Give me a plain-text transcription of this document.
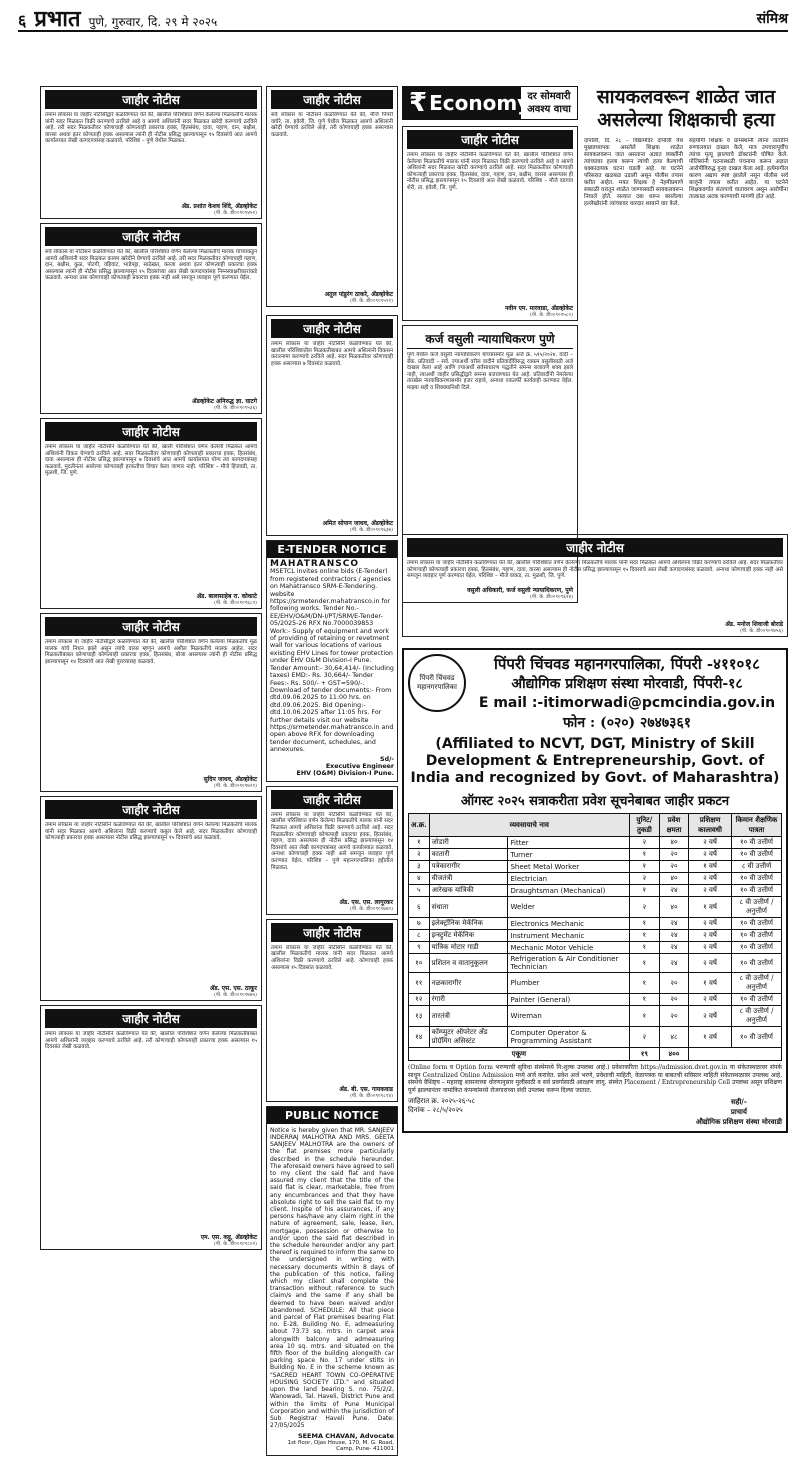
६ प्रभात पुणे, गुरुवार, दि. २९ मे २०२५	संमिश्र
जाहीर नोटीस
तमाम लोकांस या जाहीर नोटीसीद्वारे कळविण्यात येते की, खालील परिशिष्टात वर्णन केलेल्या मिळकतीचे मालक यांनी सदर मिळकत विक्री करण्याचे ठरविले आहे व आमचे अशिलांनी सदर मिळकत खरेदी करण्याचे ठरविले आहे. तरी सदर मिळकतीवर कोणाचाही कोणत्याही प्रकारचा हक्क, हितसंबंध, दावा, गहाण, दान, बक्षीस, वारसा अथवा इतर कोणताही हक्क असल्यास त्यांनी ही नोटीस प्रसिद्ध झाल्यापासून १५ दिवसांचे आत आमचे कार्यालयात लेखी कागदपत्रांसह कळवावे. परिशिष्ट – पुणे येथील मिळकत.
ॲड. प्रशांत केशव शिंदे, ॲडव्होकेट
(पी. के. डी००९०९४५१)
जाहीर नोटीस
सर्व लोकांस या नोटीसने कळविण्यात येते की, खालील परिशिष्टात वर्णन केलेल्या मिळकतीचे मालक यांच्याकडून आमचे अशिलांनी सदर मिळकत कायम खरेदीने घेण्याचे ठरविले आहे. तरी सदर मिळकतीवर कोणाचाही गहाण, दान, बक्षीस, कुळ, पोटगी, वहिवाट, भाडेपट्टा, साठेखत, कब्जा अथवा इतर कोणत्याही प्रकारचा हक्क असल्यास त्यांनी ही नोटीस प्रसिद्ध झाल्यापासून १५ दिवसांच्या आत लेखी कागदपत्रांसह निम्नस्वाक्षरीकारांकडे कळवावे. अन्यथा तसा कोणाचाही कोणत्याही प्रकारचा हक्क नाही असे समजून व्यवहार पूर्ण करण्यात येईल.
ॲडव्होकेट अनिरुद्ध ज्ञा. घाटगे
(पी. के. डी००९०९५३६)
जाहीर नोटीस
तमाम लोकांस या जाहीर नोटीसीने कळविण्यात येते की, खाली परिशिष्टात वर्णन केलेली मिळकत आमचे अशिलांनी विकत घेण्याचे ठरविले आहे. सदर मिळकतीवर कोणाचाही कोणत्याही प्रकारचा हक्क, हितसंबंध, दावा असल्यास ही नोटीस प्रसिद्ध झाल्यापासून ७ दिवसांचे आत आमचे कार्यालयात योग्य त्या कागदपत्रांसह कळवावे. मुदतीनंतर आलेल्या कोणत्याही हरकतीचा विचार केला जाणार नाही. परिशिष्ट – मौजे हिंजवडी, ता. मुळशी, जि. पुणे.
ॲड. बालासाहेब रा. कोकाटे
(पी. के. डी००९०९६८२)
जाहीर नोटीस
तमाम लोकांस या जाहीर नोटीसीद्वारे कळविण्यात येते की, खालील परिशिष्टात वर्णन केलेल्या मिळकतीचे मूळ मालक यांचे निधन झाले असून त्यांचे वारस म्हणून आमचे अशील मिळकतीचे मालक आहेत. सदर मिळकतीबाबत कोणाचाही कोणत्याही प्रकारचा हक्क, हितसंबंध, बोजा असल्यास त्यांनी ही नोटीस प्रसिद्ध झाल्यापासून १४ दिवसांचे आत लेखी पुराव्यासह कळवावे.
सुदिप जाधव, ॲडव्होकेट
(पी. के. डी००९०९७२१)
जाहीर नोटीस
तमाम लोकांस या जाहीर नोटीसीने कळविण्यात येते की, खालील परिशिष्टात वर्णन केलेल्या मिळकतीचे मालक यांनी सदर मिळकत आमचे अशिलांना विक्री करण्याचे कबूल केले आहे. सदर मिळकतीवर कोणाचाही कोणत्याही प्रकारचा हक्क असल्यास नोटीस प्रसिद्ध झाल्यापासून १५ दिवसांचे आत कळवावे.
ॲड. एस. एस. ठाकूर
(पी. के. डी००९०९७७५)
जाहीर नोटीस
तमाम लोकांस या जाहीर नोटीसीने कळविण्यात येते की, खालील परिशिष्टात वर्णन केलेल्या मिळकतीबाबत आमचे अशिलांनी व्यवहार करण्याचे ठरविले आहे. तरी कोणाचाही कोणत्याही प्रकारचा हक्क असल्यास १५ दिवसांत लेखी कळवावे.
एम. एस. कट्टु, ॲडव्होकेट
(पी. के. डी००९०९८०२)
जाहीर नोटीस
सर्व लोकांस या नोटीसने कळविण्यात येते की, मौजे पिंपरी वाघेरे, ता. हवेली, जि. पुणे येथील मिळकत आमचे अशिलांनी खरेदी घेण्याचे ठरविले आहे. तरी कोणाचाही हक्क असल्यास कळवावे.
अतुल पांडुरंग ठाकरे, ॲडव्होकेट
(पी. के. डी००९०९५९१)
जाहीर नोटीस
तमाम लोकांस या जाहीर नोटीसीने कळविण्यात येते की, खालील परिशिष्टातील मिळकतीबाबत आमचे अशिलांनी विकसन करारनामा करण्याचे ठरविले आहे. सदर मिळकतीवर कोणाचाही हक्क असल्यास ७ दिवसांत कळवावे.
अमित सोपान जाधव, ॲडव्होकेट
(पी. के. डी००९०९६३७)
E-TENDER NOTICE
MAHATRANSCO
MSETCL invites online bids (E-Tender) from registered contractors / agencies on Mahatransco SRM-E-Tendering. website https://srmetender.mahatransco.in for following works. Tender No.- EE/EHV/O&M/DN-I/PT/SRM/E-Tender-05/2025-26 RFX No.7000039853 Work:- Supply of equipment and work of providing of retaining or revetment wall for various locations of various existing EHV Lines for tower protection under EHV O&M Division-I Pune. Tender Amount:- 30,64,414/- (Including taxes) EMD:- Rs. 30,664/- Tender Fees:- Rs. 500/- + GST=590/-. Download of tender documents:- From dtd.09.06.2025 to 11:00 hrs. on dtd.09.06.2025. Bid Opening:- dtd.10.06.2025 after 11:05 hrs. For further details visit our website https://srmetender.mahatransco.in and open above RFX for downloading tender document, schedules, and annexures.
Sd/-
Executive Engineer
EHV (O&M) Division-I Pune.
जाहीर नोटीस
तमाम लोकांस या जाहीर नोटीसीने कळविण्यात येते की, खालील परिशिष्टात वर्णन केलेल्या मिळकतीचे मालक यांनी सदर मिळकत आमचे अशिलांना विक्री करण्याचे ठरविले आहे. सदर मिळकतीवर कोणाचाही कोणत्याही प्रकारचा हक्क, हितसंबंध, गहाण, दावा असल्यास ही नोटीस प्रसिद्ध झाल्यापासून १४ दिवसांचे आत लेखी कागदपत्रांसह आमचे कार्यालयात कळवावे. अन्यथा कोणाचाही हक्क नाही असे समजून व्यवहार पूर्ण करण्यात येईल. परिशिष्ट – पुणे महानगरपालिका हद्दीतील मिळकत.
ॲड. एस. एस. लागूरकर
(पी. के. डी००९०९७४०)
जाहीर नोटीस
तमाम लोकांस या जाहीर नोटीसीने कळविण्यात येते की, खालील मिळकतीचे मालक यांनी सदर मिळकत आमचे अशिलांना विक्री करण्याचे ठरविले आहे. कोणाचाही हक्क असल्यास १५ दिवसांत कळवावे.
ॲड. बी. एस. गायकवाड
(पी. के. डी००९०९८१४)
PUBLIC NOTICE
Notice is hereby given that MR. SANJEEV INDERRAJ MALHOTRA AND MRS. GEETA SANJEEV MALHOTRA are the owners of the flat premises more particularly described in the schedule hereunder. The aforesaid owners have agreed to sell to my client the said flat and have assured my client that the title of the said flat is clear, marketable, free from any encumbrances and that they have absolute right to sell the said flat to my client. Inspite of his assurances, if any persons has/have any claim right in the nature of agreement, sale, lease, lien, mortgage, possession or otherwise to and/or upon the said flat described in the schedule hereunder and/or any part thereof is required to inform the same to the undersigned in writing with necessary documents within 8 days of the publication of this notice, failing which my client shall complete the transaction without reference to such claim/s and the same if any shall be deemed to have been waived and/or abandoned. SCHEDULE: All that piece and parcel of Flat premises bearing Flat no. E-28, Building No. E, admeasuring about 73.73 sq. mtrs. in carpet area alongwith balcony and admeasuring area 10 sq. mtrs. and situated on the fifth floor of the building alongwith car parking space No. 17 under stilts in Building No. E in the scheme known as "SACRED HEART TOWN CO-OPERATIVE HOUSING SOCIETY LTD." and situated upon the land bearing S. no. 75/2/2, Wanowadi, Tal. Haveli, District Pune and within the limits of Pune Municipal Corporation and within the jurisdiction of Sub Registrar Haveli Pune. Date: 27/05/2025
SEEMA CHAVAN, Advocate
1st floor, Ojas House, 170, M. G. Road, Camp, Pune- 411001
₹ Economy
दर सोमवारी
अवश्य वाचा
जाहीर नोटीस
तमाम लोकांस या जाहीर नोटीसीने कळविण्यात येते की, खालील परिशिष्टात वर्णन केलेल्या मिळकतीचे मालक यांनी सदर मिळकत विक्री करण्याचे ठरविले आहे व आमचे अशिलांनी सदर मिळकत खरेदी करण्याचे ठरविले आहे. सदर मिळकतीवर कोणाचाही कोणत्याही प्रकारचा हक्क, हितसंबंध, दावा, गहाण, दान, बक्षीस, वारसा असल्यास ही नोटीस प्रसिद्ध झाल्यापासून १५ दिवसांचे आत लेखी कळवावे. परिशिष्ट – मौजे वडगाव शेरी, ता. हवेली, जि. पुणे.
नवीन एम. मारवाडा, ॲडव्होकेट
(पी. के. डी००९०९५८०)
कर्ज वसुली न्यायाधिकरण पुणे
पुणे येथील कर्ज वसुली न्यायाधिकरण यांच्यासमोर मूळ अर्ज क्र. ५१५/२०२४. वादी – बँक. प्रतिवादी – सर्व. ज्याअर्थी वरील वादीने प्रतिवादींविरुद्ध रक्कम वसुलीसाठी अर्ज दाखल केला आहे आणि ज्याअर्थी सर्वसाधारण पद्धतीने समन्स बजावणे शक्य झाले नाही, त्याअर्थी जाहीर प्रसिद्धीद्वारे समन्स बजावण्यात येत आहे. प्रतिवादींनी नेमलेल्या तारखेस न्यायाधिकरणासमोर हजर राहावे, अन्यथा एकतर्फी कार्यवाही करण्यात येईल. माझ्या सही व शिक्क्यानिशी दिले.
वसुली अधिकारी, कर्ज वसुली न्यायाधिकरण, पुणे
(पी. के. डी००९०९६२४)
सायकलवरून शाळेत जात
असलेल्या शिक्षकाची हत्या
दापोली, दि. २८ – विद्यामंदिर दापोली येथे मुख्याध्यापक असलेले शिक्षक शाळेत सायकलवरून जात असताना अज्ञात व्यक्तींनी त्यांच्यावर हल्ला करून त्यांची हत्या केल्याची धक्कादायक घटना घडली आहे. या घटनेने परिसरात खळबळ उडाली असून पोलीस तपास करीत आहेत. मयत शिक्षक हे नेहमीप्रमाणे सकाळी घरातून शाळेत जाण्यासाठी सायकलवरून निघाले होते. रस्त्यात दबा धरून बसलेल्या हल्लेखोरांनी त्यांच्यावर धारदार शस्त्राने वार केले.
सहयोगी शिक्षक व ग्रामस्थांनी त्यांना तातडीने रुग्णालयात दाखल केले, मात्र उपचारापूर्वीच त्यांचा मृत्यू झाल्याचे डॉक्टरांनी घोषित केले. पोलिसांनी घटनास्थळी पंचनामा करून अज्ञात आरोपींविरुद्ध गुन्हा दाखल केला आहे. हत्येमागील कारण अद्याप स्पष्ट झालेले नसून पोलीस सर्व बाजूंनी तपास करीत आहेत. या घटनेने शिक्षकवर्गात संतापाचे वातावरण असून आरोपींना तात्काळ अटक करण्याची मागणी होत आहे.
जाहीर नोटीस
तमाम लोकांस या जाहीर नोटीसीने कळविण्यात येते की, खालील परिशिष्टात वर्णन केलेल्या मिळकतीचे मालक यांनी सदर मिळकत आमचे अशिलांना विक्री करण्याचे ठरविले आहे. सदर मिळकतीवर कोणाचाही कोणत्याही प्रकारचा हक्क, हितसंबंध, गहाण, दावा, वारसा असल्यास ही नोटीस प्रसिद्ध झाल्यापासून १५ दिवसांचे आत लेखी कागदपत्रांसह कळवावे. अन्यथा कोणाचाही हक्क नाही असे समजून व्यवहार पूर्ण करण्यात येईल. परिशिष्ट – मौजे वाकड, ता. मुळशी, जि. पुणे.
ॲड. मनोज शिवाजी बोराडे
(पी. के. डी००९०९७५६)
पिंपरी चिंचवड महानगरपालिका
पिंपरी चिंचवड महानगरपालिका, पिंपरी -४११०१८
औद्योगिक प्रशिक्षण संस्था मोरवाडी, पिंपरी-१८
E mail :-itimorwadi@pcmcindia.gov.in
फोन : (०२०) २७४७३६१
(Affiliated to NCVT, DGT, Ministry of Skill Development & Entrepreneurship, Govt. of India and recognized by Govt. of Maharashtra)
ऑगस्ट २०२५ सत्राकरीता प्रवेश सूचनेबाबत जाहीर प्रकटन
अ.क्र.	व्यवसायाचे नाव		युनिट/तुकडी	प्रवेश क्षमता	प्रशिक्षण कालावधी	किमान शैक्षणिक पात्रता
१	जोडारी	Fitter	२	४०	२ वर्षे	१० वी उत्तीर्ण
२	कातारी	Turner	१	२०	२ वर्षे	१० वी उत्तीर्ण
३	पत्रेकारागीर	Sheet Metal Worker	१	२०	१ वर्ष	८ वी उत्तीर्ण
४	वीजतंत्री	Electrician	२	४०	२ वर्षे	१० वी उत्तीर्ण
५	आरेखक यांत्रिकी	Draughtsman (Mechanical)	१	२४	२ वर्षे	१० वी उत्तीर्ण
६	संधाता	Welder	२	४०	१ वर्ष	८ वी उत्तीर्ण / अनुत्तीर्ण
७	इलेक्ट्रॉनिक मेकॅनिक	Electronics Mechanic	१	२४	२ वर्षे	१० वी उत्तीर्ण
८	इन्स्ट्रुमेंट मेकॅनिक	Instrument Mechanic	१	२४	२ वर्षे	१० वी उत्तीर्ण
९	यांत्रिक मोटार गाडी	Mechanic Motor Vehicle	१	२४	२ वर्षे	१० वी उत्तीर्ण
१०	प्रशितन व वातानुकूलन	Refrigeration & Air Conditioner Technician	१	२४	२ वर्षे	१० वी उत्तीर्ण
११	नळकारागीर	Plumber	१	२०	१ वर्ष	८ वी उत्तीर्ण / अनुत्तीर्ण
१२	रंगारी	Painter (General)	१	२०	२ वर्षे	१० वी उत्तीर्ण
१३	तारतंत्री	Wireman	१	२०	२ वर्षे	८ वी उत्तीर्ण / अनुत्तीर्ण
१४	कॉम्प्युटर ऑपरेटर अँड प्रोग्रॅमिंग असिस्टंट	Computer Operator & Programming Assistant	२	४८	१ वर्ष	१० वी उत्तीर्ण
एकूण			१९	४००		
(Online form व Option form भरण्याची सुविधा संस्थेमध्ये नि:शुल्क उपलब्ध आहे.) प्रवेशाकरिता https://admission.dvet.gov.in या संकेतस्थळावर संपर्क साधून Centralized Online Admission मध्ये अर्ज करावेत. प्रवेश अर्ज भरणे, प्रवेशाची माहिती, वेळापत्रक या बाबतची सविस्तर माहिती संकेतस्थळावर उपलब्ध आहे. संस्थेचे वैशिष्ट्य – महाराष्ट्र शासनाच्या धोरणानुसार मुलींसाठी व सर्व प्रवर्गासाठी आरक्षण लागू. संस्थेत Placement / Entrepreneurship Cell उपलब्ध असून प्रशिक्षण पूर्ण झाल्यानंतर नामांकित कंपन्यांमध्ये रोजगाराच्या संधी उपलब्ध करून दिल्या जातात.
जाहिरात क्र. २०२५-२६-५८
दिनांक – २८/५/२०२५
सही/-
प्राचार्य
औद्योगिक प्रशिक्षण संस्था मोरवाडी
